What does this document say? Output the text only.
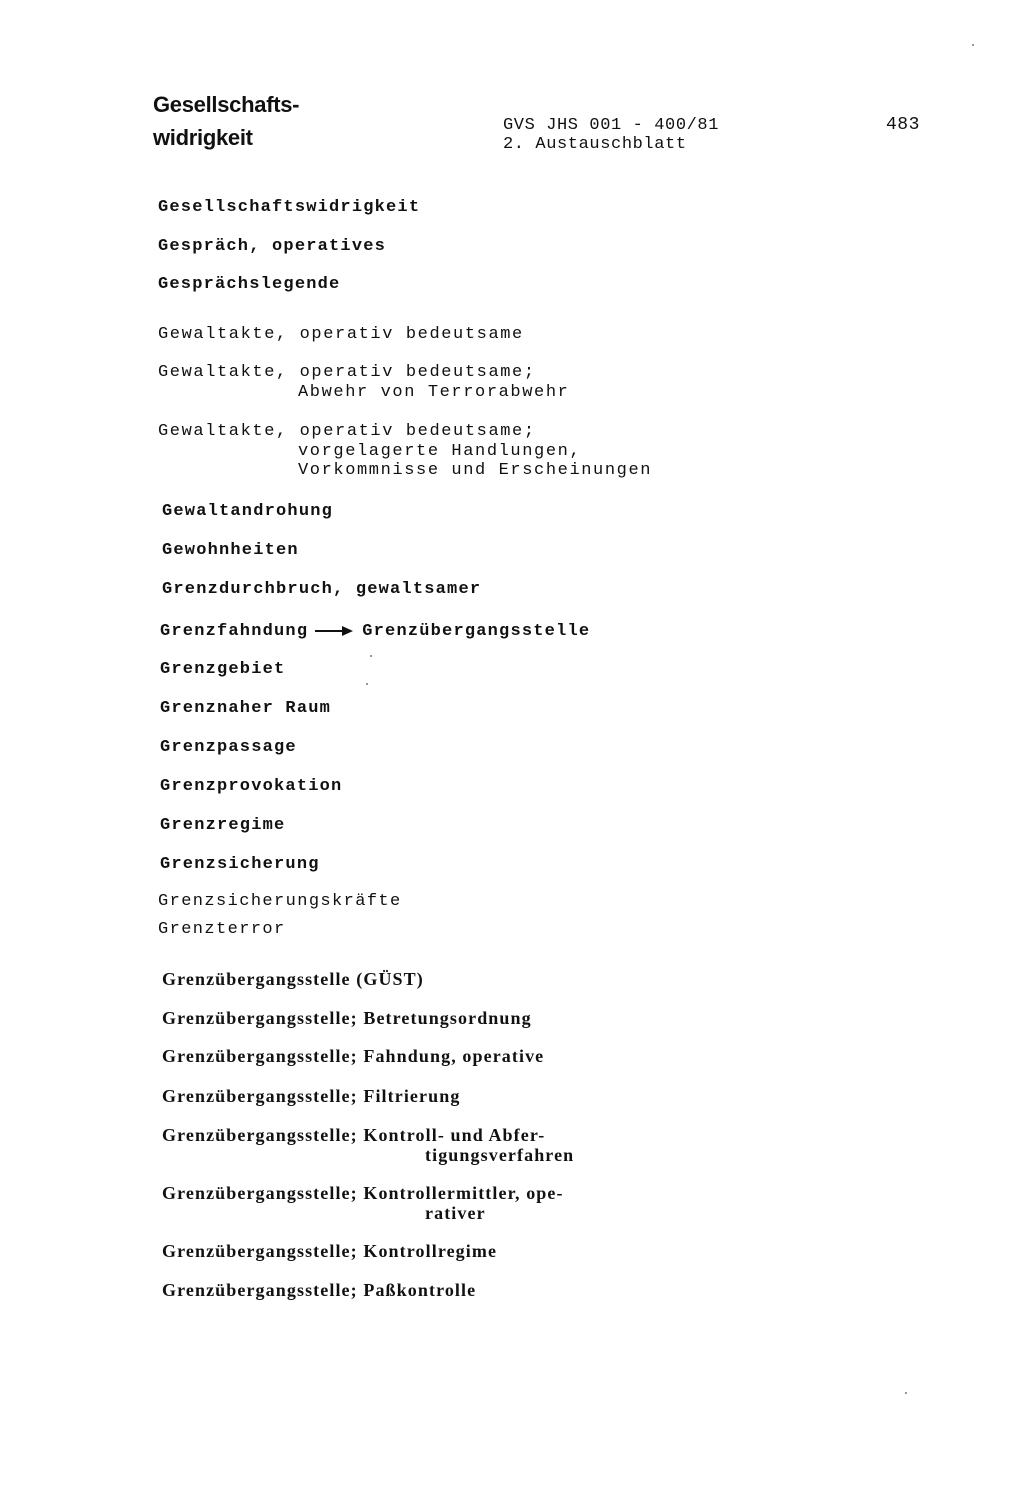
Gesellschafts-
widrigkeit	GVS JHS 001 - 400/81
2. Austauschblatt
483
Gesellschaftswidrigkeit
Gespräch, operatives
Gesprächslegende
Gewaltakte, operativ bedeutsame
Gewaltakte, operativ bedeutsame;
Abwehr von Terrorabwehr
Gewaltakte, operativ bedeutsame;
vorgelagerte Handlungen,
Vorkommnisse und Erscheinungen
Gewaltandrohung
Gewohnheiten
Grenzdurchbruch, gewaltsamer
Grenzfahndung	Grenzübergangsstelle
Grenzgebiet
Grenznaher Raum
Grenzpassage
Grenzprovokation
Grenzregime
Grenzsicherung
Grenzsicherungskräfte
Grenzterror
Grenzübergangsstelle (GÜST)
Grenzübergangsstelle; Betretungsordnung
Grenzübergangsstelle; Fahndung, operative
Grenzübergangsstelle; Filtrierung
Grenzübergangsstelle; Kontroll- und Abfer-
tigungsverfahren
Grenzübergangsstelle; Kontrollermittler, ope-
rativer
Grenzübergangsstelle; Kontrollregime
Grenzübergangsstelle; Paßkontrolle
